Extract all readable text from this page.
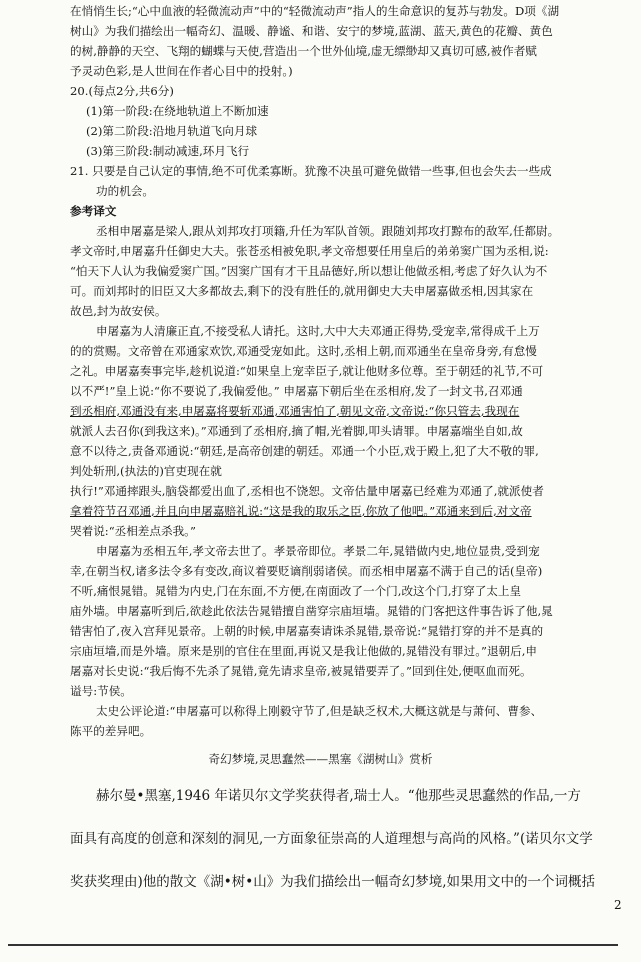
在悄悄生长;“心中血液的轻微流动声”中的“轻微流动声”指人的生命意识的复苏与勃发。D项《湖
树山》为我们描绘出一幅奇幻、温暖、静谧、和谐、安宁的梦境,蓝湖、蓝天,黄色的花瓣、黄色
的树,静静的天空、飞翔的蝴蝶与天使,营造出一个世外仙境,虚无缥缈却又真切可感,被作者赋
予灵动色彩,是人世间在作者心目中的投射。)
20.(每点2分,共6分)
(1)第一阶段:在绕地轨道上不断加速
(2)第二阶段:沿地月轨道飞向月球
(3)第三阶段:制动减速,环月飞行
21. 只要是自己认定的事情,绝不可优柔寡断。犹豫不决虽可避免做错一些事,但也会失去一些成
功的机会。
参考译文
丞相申屠嘉是梁人,跟从刘邦攻打项籍,升任为军队首领。跟随刘邦攻打黥布的敌军,任都尉。
孝文帝时,申屠嘉升任御史大夫。张苍丞相被免职,孝文帝想要任用皇后的弟弟窦广国为丞相,说:
“怕天下人认为我偏爱窦广国。”因窦广国有才干且品德好,所以想让他做丞相,考虑了好久认为不
可。而刘邦时的旧臣又大多都故去,剩下的没有胜任的,就用御史大夫申屠嘉做丞相,因其家在
故邑,封为故安侯。
申屠嘉为人清廉正直,不接受私人请托。这时,大中大夫邓通正得势,受宠幸,常得成千上万
的的赏赐。文帝曾在邓通家欢饮,邓通受宠如此。这时,丞相上朝,而邓通坐在皇帝身旁,有怠慢
之礼。申屠嘉奏事完毕,趁机说道:“如果皇上宠幸臣子,就让他财多位尊。至于朝廷的礼节,不可
以不严!”皇上说:“你不要说了,我偏爱他。” 申屠嘉下朝后坐在丞相府,发了一封文书,召邓通
到丞相府,邓通没有来,申屠嘉将要斩邓通,邓通害怕了,朝见文帝,文帝说:“你只管去,我现在
就派人去召你(到我这来)。”邓通到了丞相府,摘了帽,光着脚,叩头请罪。申屠嘉端坐自如,故
意不以待之,责备邓通说:“朝廷,是高帝创建的朝廷。邓通一个小臣,戏于殿上,犯了大不敬的罪,
判处斩刑,(执法的)官吏现在就
执行!”邓通摔跟头,脑袋都爱出血了,丞相也不饶恕。文帝估量申屠嘉已经难为邓通了,就派使者
拿着符节召邓通,并且向申屠嘉赔礼说:“这是我的取乐之臣,你放了他吧。”邓通来到后,对文帝
哭着说:“丞相差点杀我。”
申屠嘉为丞相五年,孝文帝去世了。孝景帝即位。孝景二年,晁错做内史,地位显贵,受到宠
幸,在朝当权,诸多法令多有变改,商议着要贬谪削弱诸侯。而丞相申屠嘉不满于自己的话(皇帝)
不听,痛恨晁错。晁错为内史,门在东面,不方便,在南面改了一个门,改这个门,打穿了太上皇
庙外墙。申屠嘉听到后,欲趁此依法告晁错擅自凿穿宗庙垣墙。晁错的门客把这件事告诉了他,晁
错害怕了,夜入宫拜见景帝。上朝的时候,申屠嘉奏请诛杀晁错,景帝说:“晁错打穿的并不是真的
宗庙垣墙,而是外墙。原来是别的官住在里面,再说又是我让他做的,晁错没有罪过。”退朝后,申
屠嘉对长史说:“我后悔不先杀了晁错,竟先请求皇帝,被晁错要弄了。”回到住处,便呕血而死。
谥号:节侯。
太史公评论道:“申屠嘉可以称得上刚毅守节了,但是缺乏权术,大概这就是与萧何、曹参、
陈平的差异吧。
奇幻梦境,灵思蠢然——黑塞《湖树山》赏析
赫尔曼•黑塞,1946 年诺贝尔文学奖获得者,瑞士人。“他那些灵思蠢然的作品,一方
面具有高度的创意和深刻的洞见,一方面象征崇高的人道理想与高尚的风格。”(诺贝尔文学
奖获奖理由)他的散文《湖•树•山》为我们描绘出一幅奇幻梦境,如果用文中的一个词概括
2
